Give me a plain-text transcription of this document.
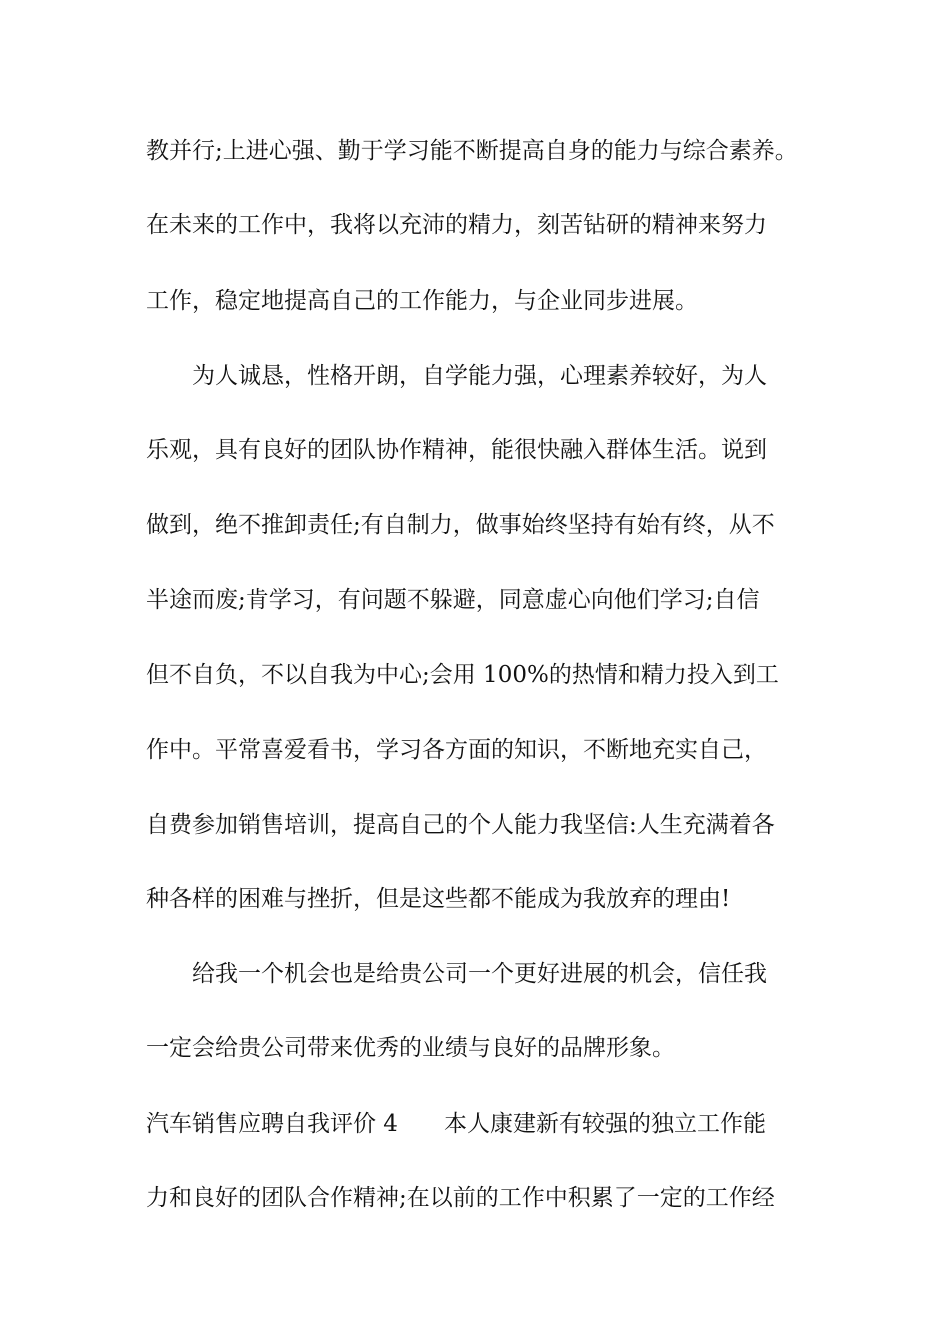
教并行;上进心强、勤于学习能不断提高自身的能力与综合素养。
在未来的工作中，我将以充沛的精力，刻苦钻研的精神来努力
工作，稳定地提高自己的工作能力，与企业同步进展。
为人诚恳，性格开朗，自学能力强，心理素养较好，为人
乐观，具有良好的团队协作精神，能很快融入群体生活。说到
做到，绝不推卸责任;有自制力，做事始终坚持有始有终，从不
半途而废;肯学习，有问题不躲避，同意虚心向他们学习;自信
但不自负，不以自我为中心;会用 100%的热情和精力投入到工
作中。平常喜爱看书，学习各方面的知识，不断地充实自己，
自费参加销售培训，提高自己的个人能力我坚信:人生充满着各
种各样的困难与挫折，但是这些都不能成为我放弃的理由!
给我一个机会也是给贵公司一个更好进展的机会，信任我
一定会给贵公司带来优秀的业绩与良好的品牌形象。
汽车销售应聘自我评价 4　　本人康建新有较强的独立工作能
力和良好的团队合作精神;在以前的工作中积累了一定的工作经
